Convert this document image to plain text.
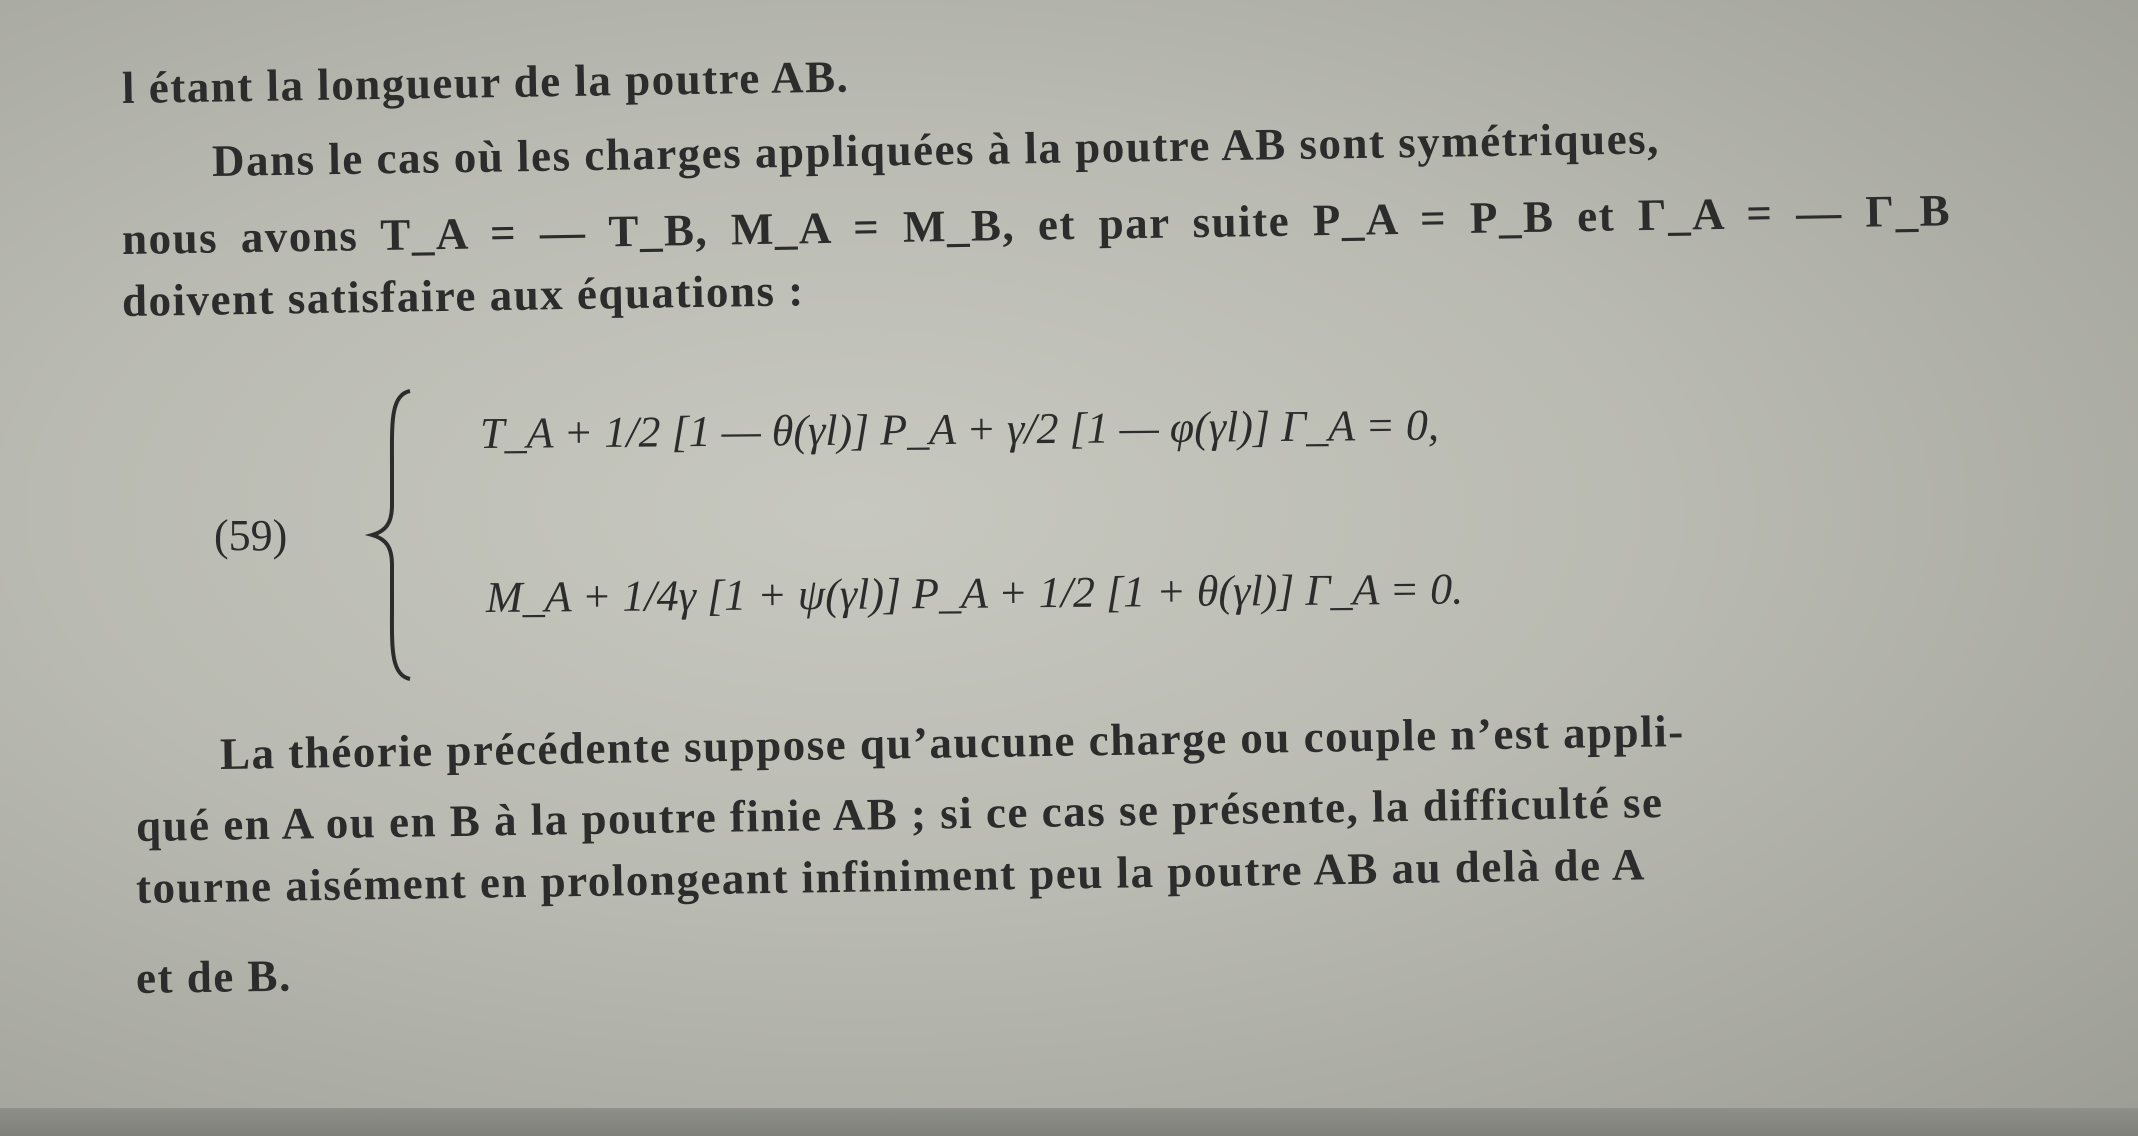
l étant la longueur de la poutre AB.
Dans le cas où les charges appliquées à la poutre AB sont symétriques,
nous avons T_A = — T_B, M_A = M_B, et par suite P_A = P_B et Γ_A = — Γ_B
doivent satisfaire aux équations :
(59)
T_A + 1/2 [1 — θ(γl)] P_A + γ/2 [1 — φ(γl)] Γ_A = 0,
M_A + 1/4γ [1 + ψ(γl)] P_A + 1/2 [1 + θ(γl)] Γ_A = 0.
La théorie précédente suppose qu’aucune charge ou couple n’est appli-
qué en A ou en B à la poutre finie AB ; si ce cas se présente, la difficulté se
tourne aisément en prolongeant infiniment peu la poutre AB au delà de A
et de B.
